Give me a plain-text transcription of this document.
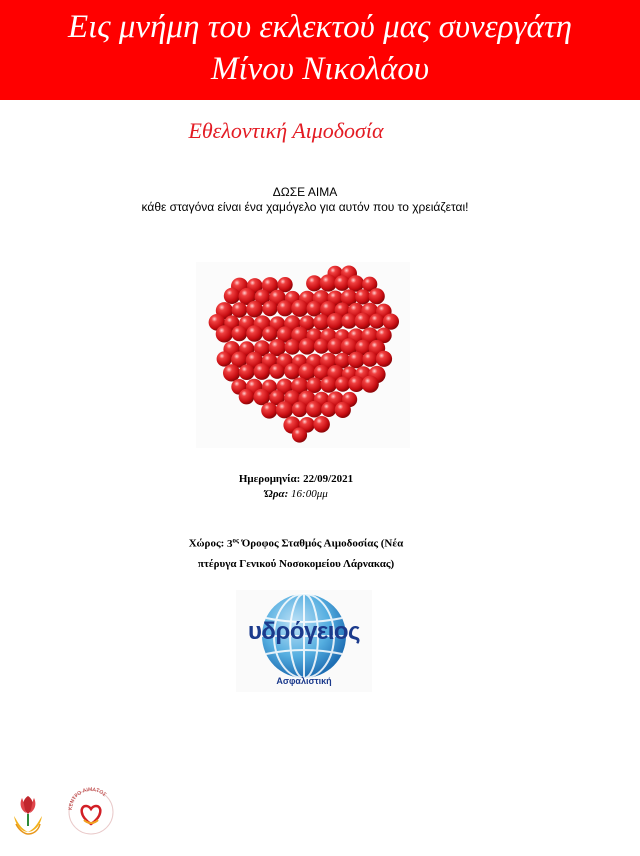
Εις μνήμη του εκλεκτού μας συνεργάτη
Μίνου Νικολάου
Εθελοντική Αιμοδοσία
ΔΩΣΕ ΑΙΜΑ
κάθε σταγόνα είναι ένα χαμόγελο για αυτόν που το χρειάζεται!
Ημερομηνία: 22/09/2021
Ώρα: 16:00μμ
Χώρος: $3^{o\varsigma}$ Όροφος Σταθμός Αιμοδοσίας (Νέα
πτέρυγα Γενικού Νοσοκομείου Λάρνακας)
υδρόγειος
Ασφαλιστική
ΚΕΝΤΡΟ ΑΙΜΑΤΟΣ
